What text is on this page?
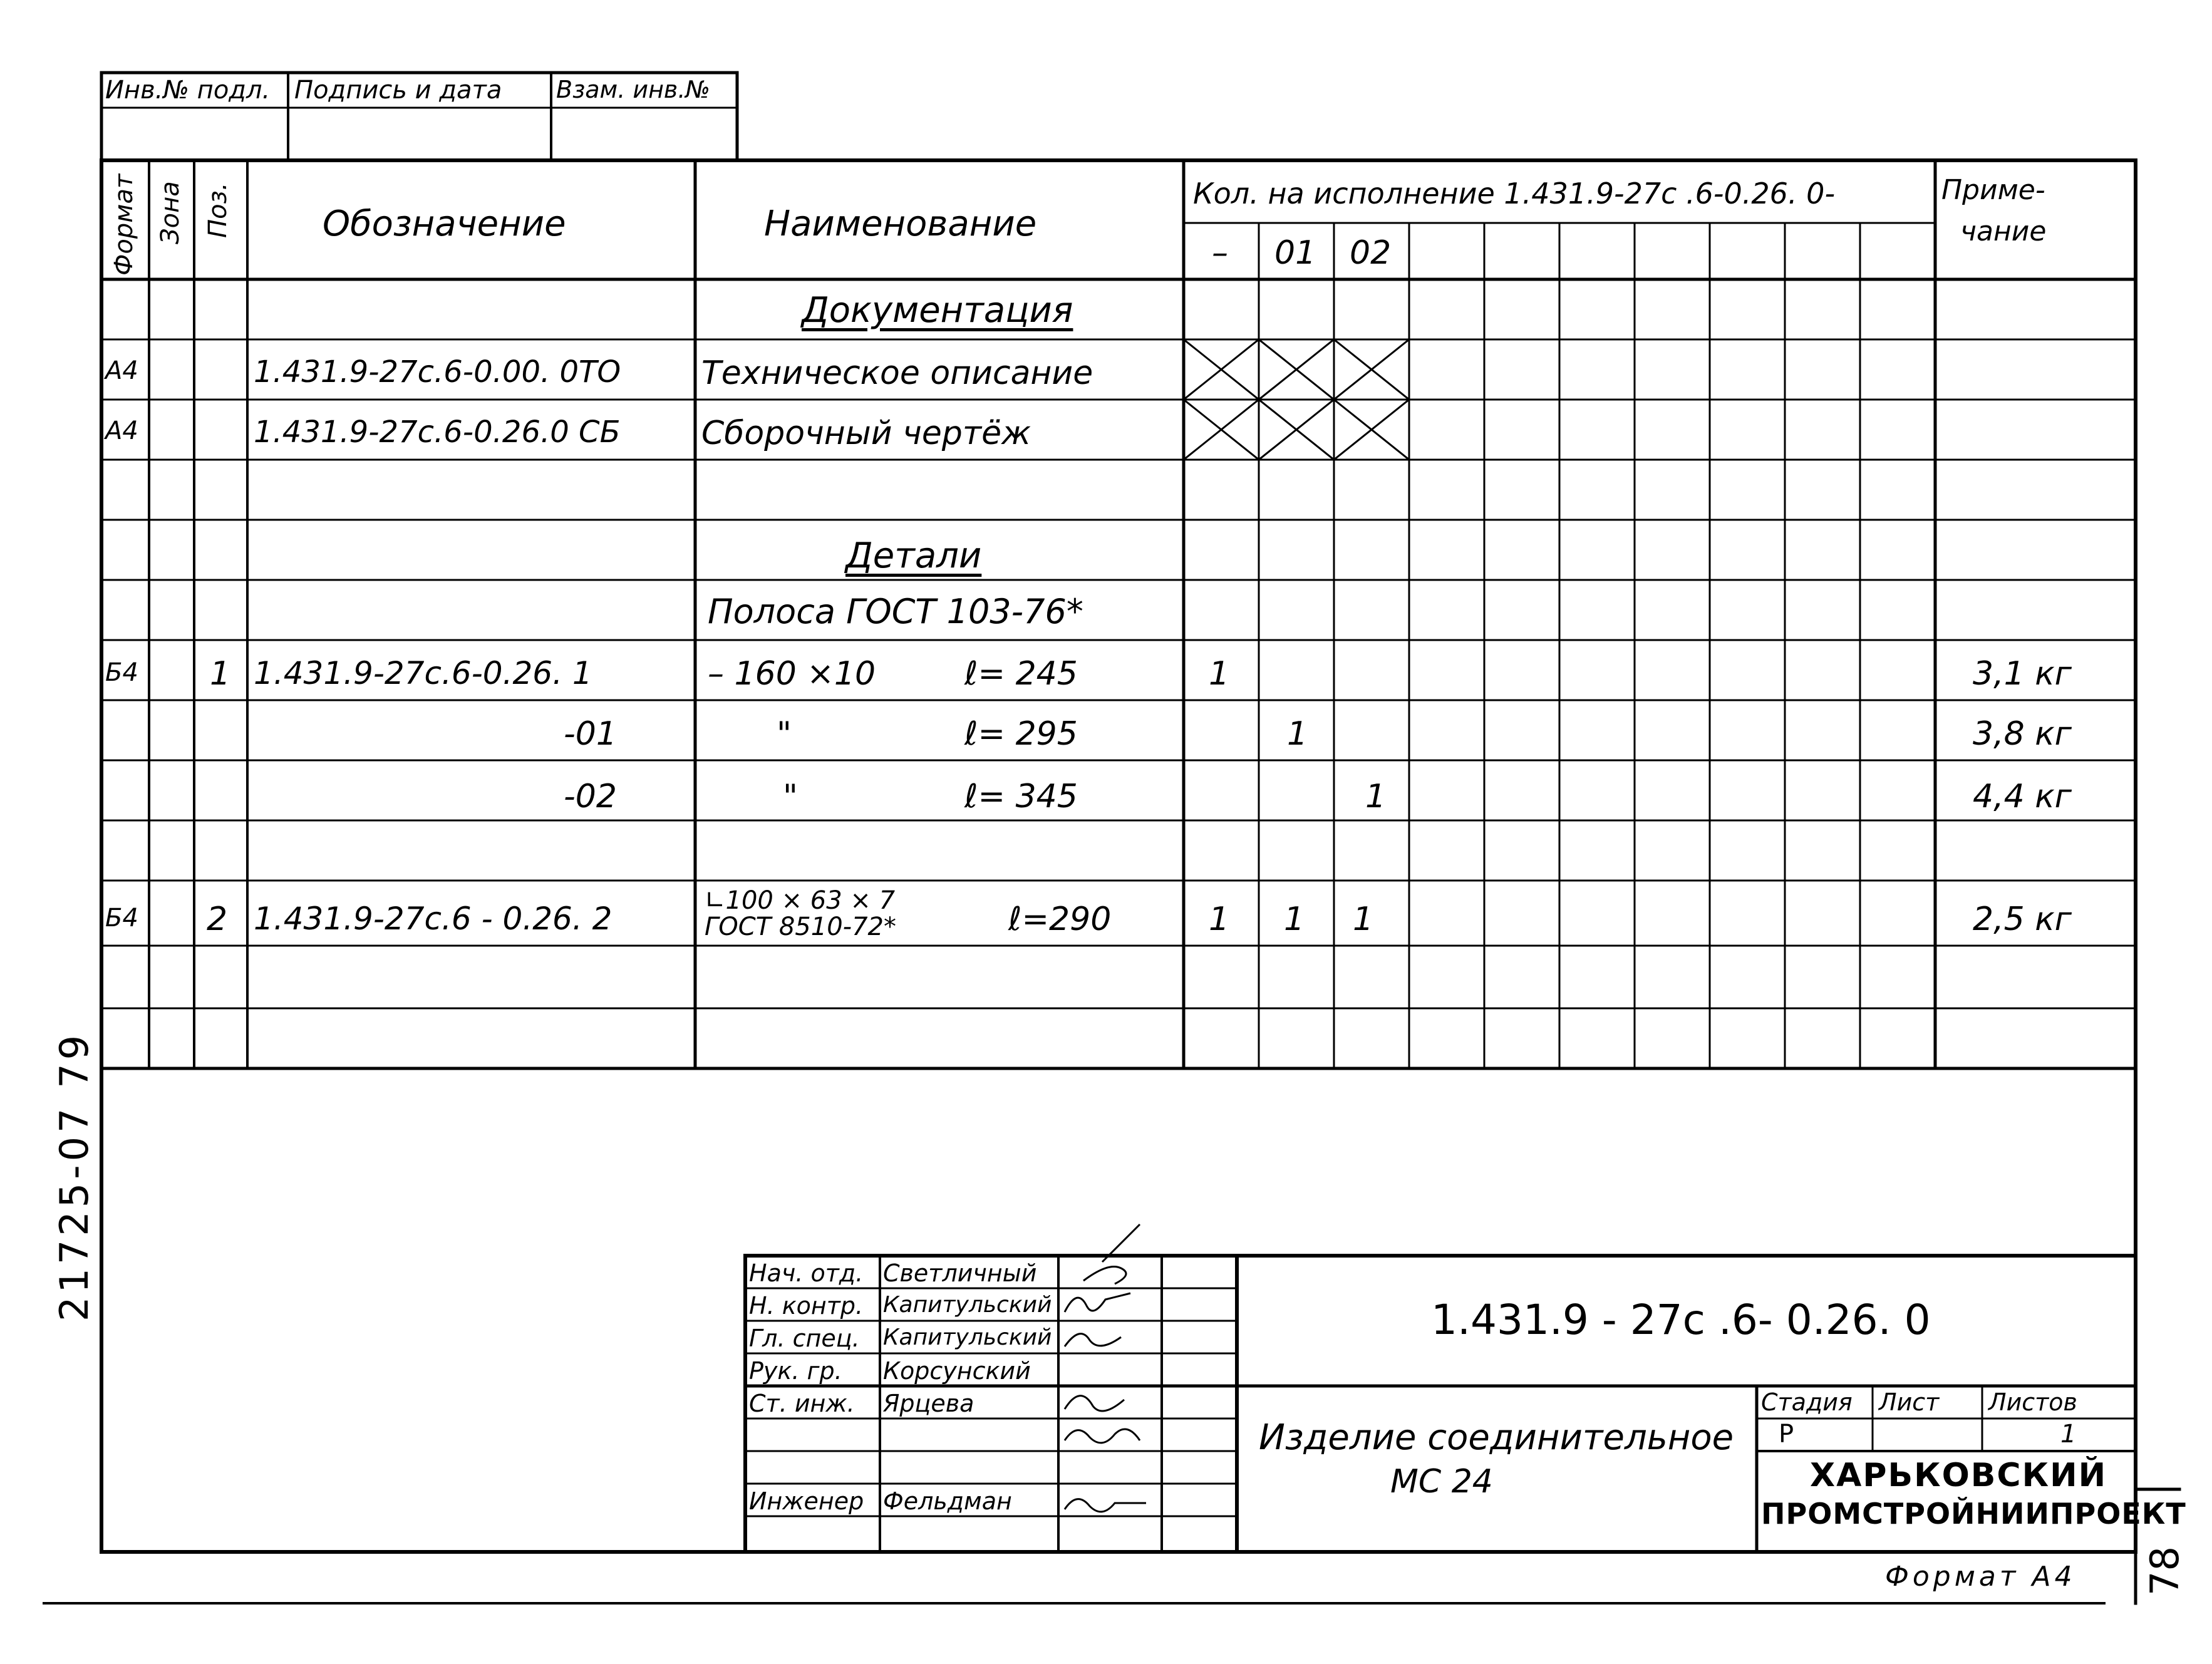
Инв.№ подл. Подпись и дата Взам. инв.№
Формат Зона Поз.	Обозначение	Наименование
Кол. на исполнение 1.431.9-27с .6-0.26. 0-	Приме-
чание
– 01 02
Документация
А4	1.431.9-27с.6-0.00. 0ТО Техническое описание
А4	1.431.9-27с.6-0.26.0 СБ Сборочный чертёж
Детали
Полоса ГОСТ 103-76*
Б4 1 1.431.9-27с.6-0.26. 1	– 160 ×10	ℓ= 245	1	3,1 кг
-01	"	ℓ= 295	1	3,8 кг
-02	"	ℓ= 345	1	4,4 кг
Б4 2 1.431.9-27с.6 - 0.26. 2	∟100 × 63 × 7
ГОСТ 8510-72*	ℓ=290	1 1 1	2,5 кг
Нач. отд. Светличный
Н. контр. Капитульский
Гл. спец. Капитульский
Рук. гр. Корсунский
Ст. инж. Ярцева
Инженер Фельдман
1.431.9 - 27с .6- 0.26. 0
Изделие соединительное
МС 24
Стадия Лист Листов
Р	1
ХАРЬКОВСКИЙ
ПРОМСТРОЙНИИПРОЕКТ
Формат А4
21725-07 79
78
